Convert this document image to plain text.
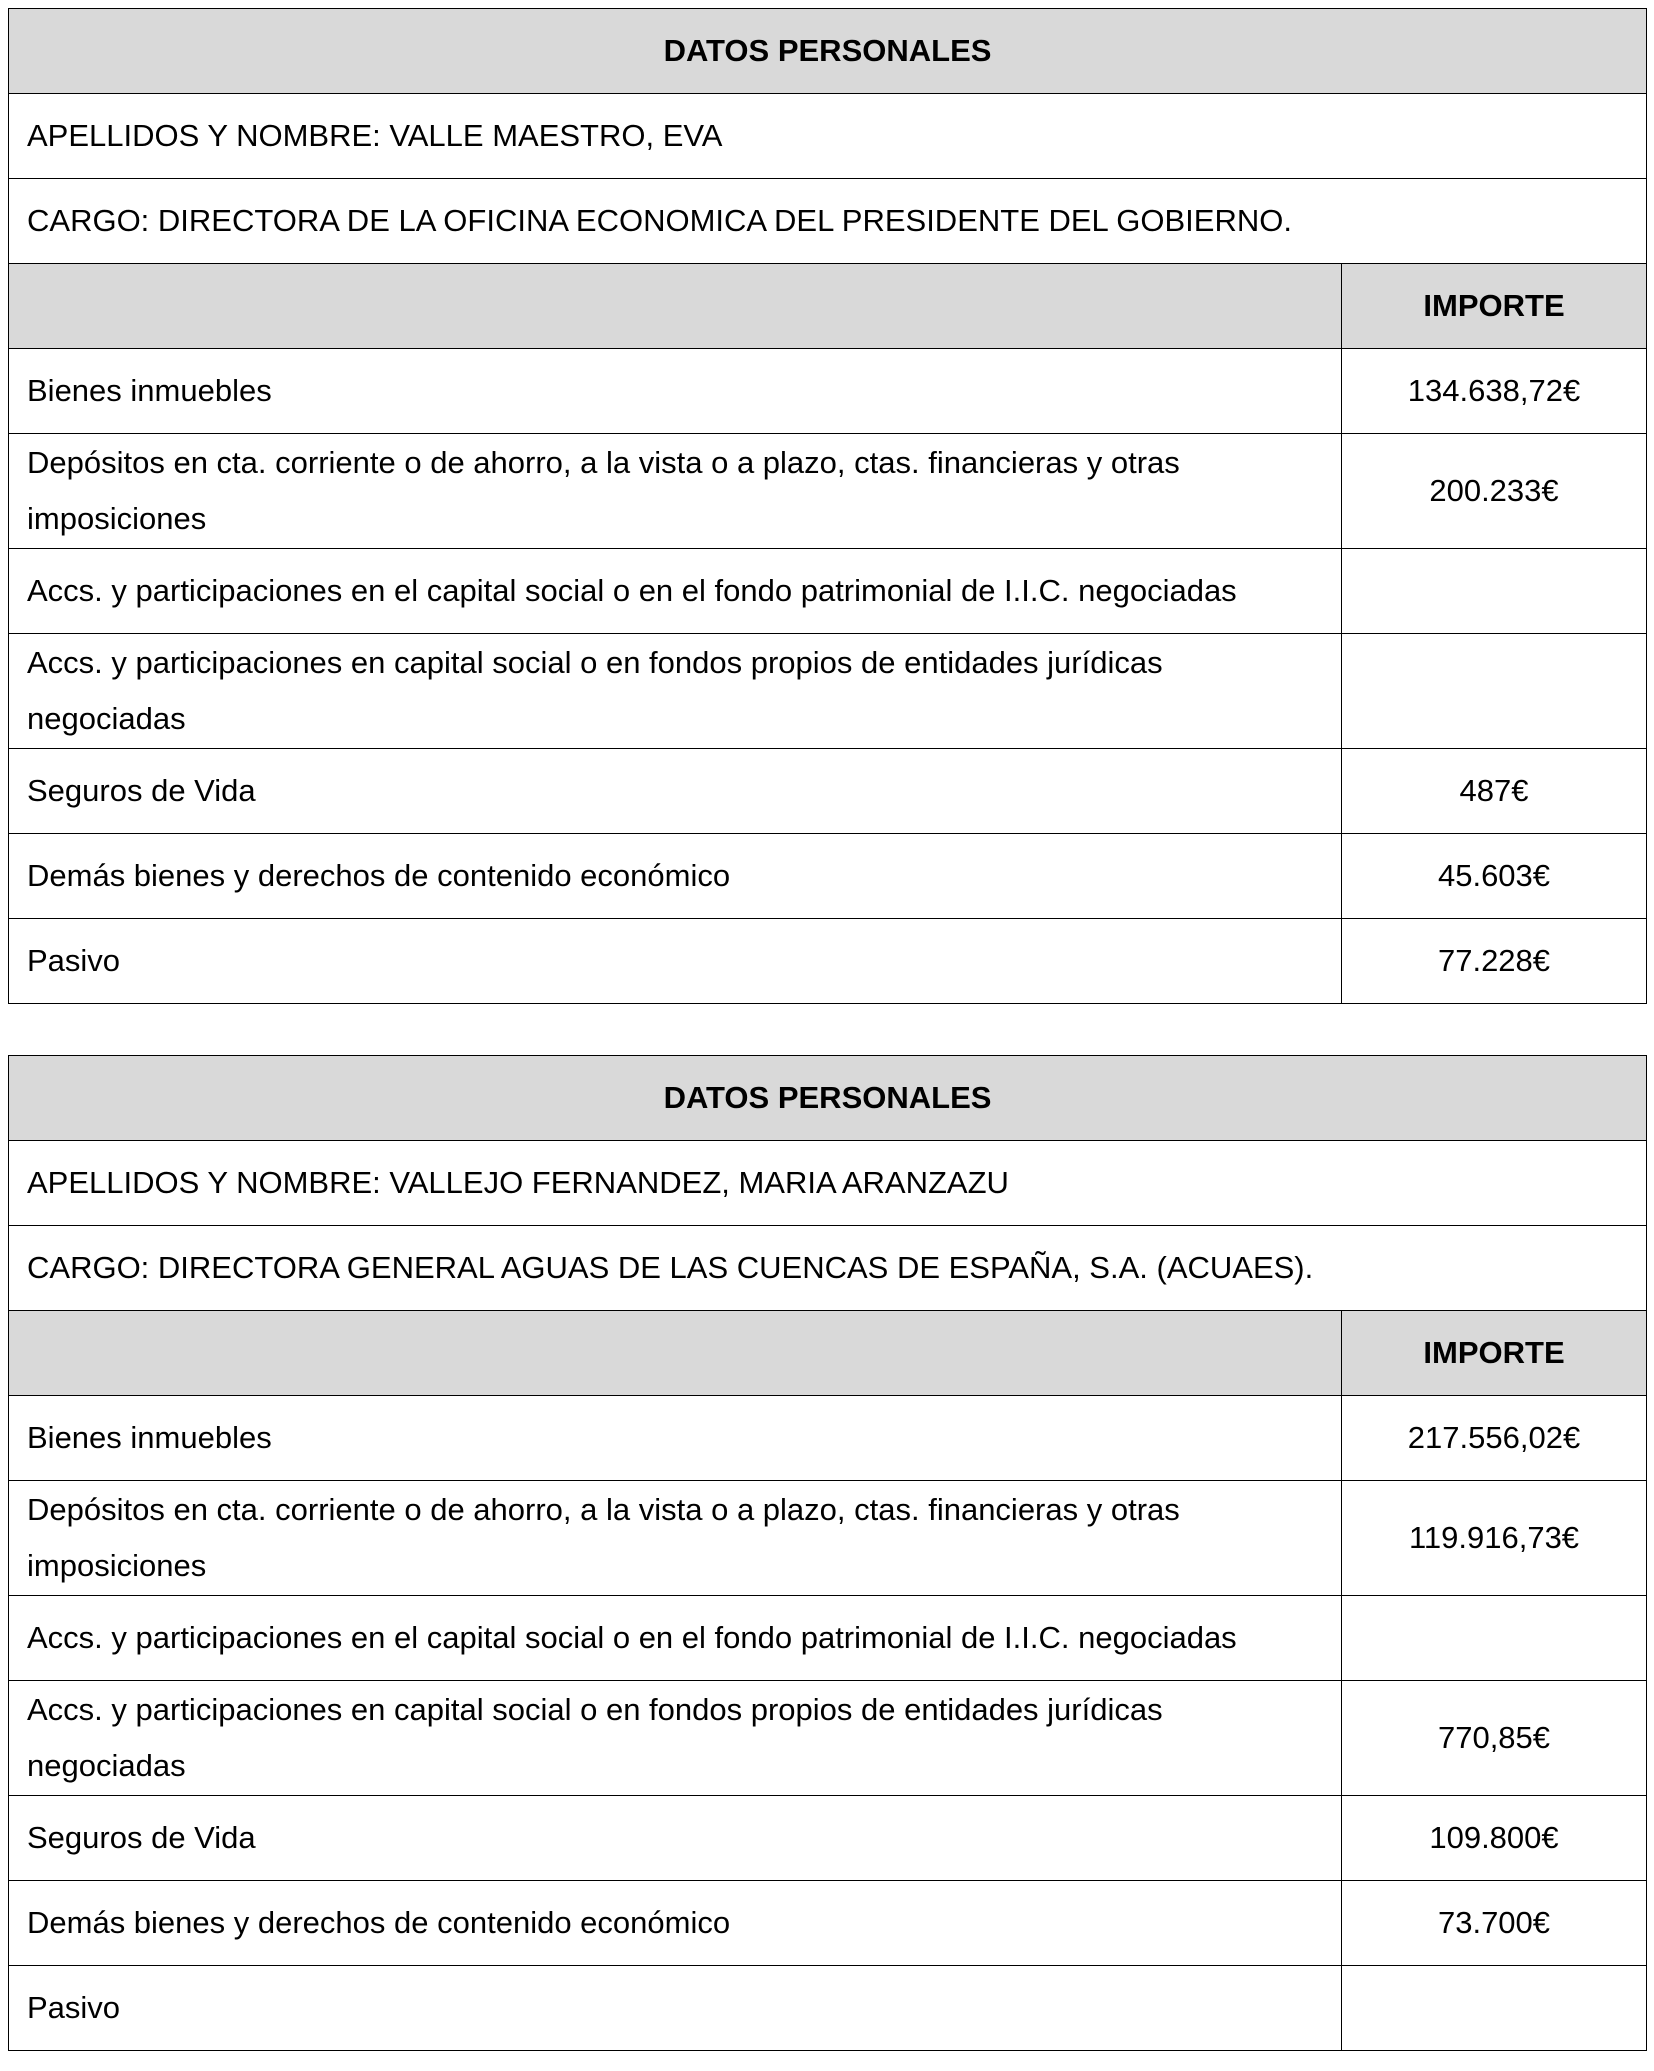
DATOS PERSONALES	
APELLIDOS Y NOMBRE: VALLE MAESTRO, EVA	
CARGO: DIRECTORA DE LA OFICINA ECONOMICA DEL PRESIDENTE DEL GOBIERNO.	
	IMPORTE
Bienes inmuebles	134.638,72€
Depósitos en cta. corriente o de ahorro, a la vista o a plazo, ctas. financieras y otras imposiciones	200.233€
Accs. y participaciones en el capital social o en el fondo patrimonial de I.I.C. negociadas	
Accs. y participaciones en capital social o en fondos propios de entidades jurídicas negociadas	
Seguros de Vida	487€
Demás bienes y derechos de contenido económico	45.603€
Pasivo	77.228€
DATOS PERSONALES	
APELLIDOS Y NOMBRE: VALLEJO FERNANDEZ, MARIA ARANZAZU	
CARGO: DIRECTORA GENERAL AGUAS DE LAS CUENCAS DE ESPAÑA, S.A. (ACUAES).	
	IMPORTE
Bienes inmuebles	217.556,02€
Depósitos en cta. corriente o de ahorro, a la vista o a plazo, ctas. financieras y otras imposiciones	119.916,73€
Accs. y participaciones en el capital social o en el fondo patrimonial de I.I.C. negociadas	
Accs. y participaciones en capital social o en fondos propios de entidades jurídicas negociadas	770,85€
Seguros de Vida	109.800€
Demás bienes y derechos de contenido económico	73.700€
Pasivo	
